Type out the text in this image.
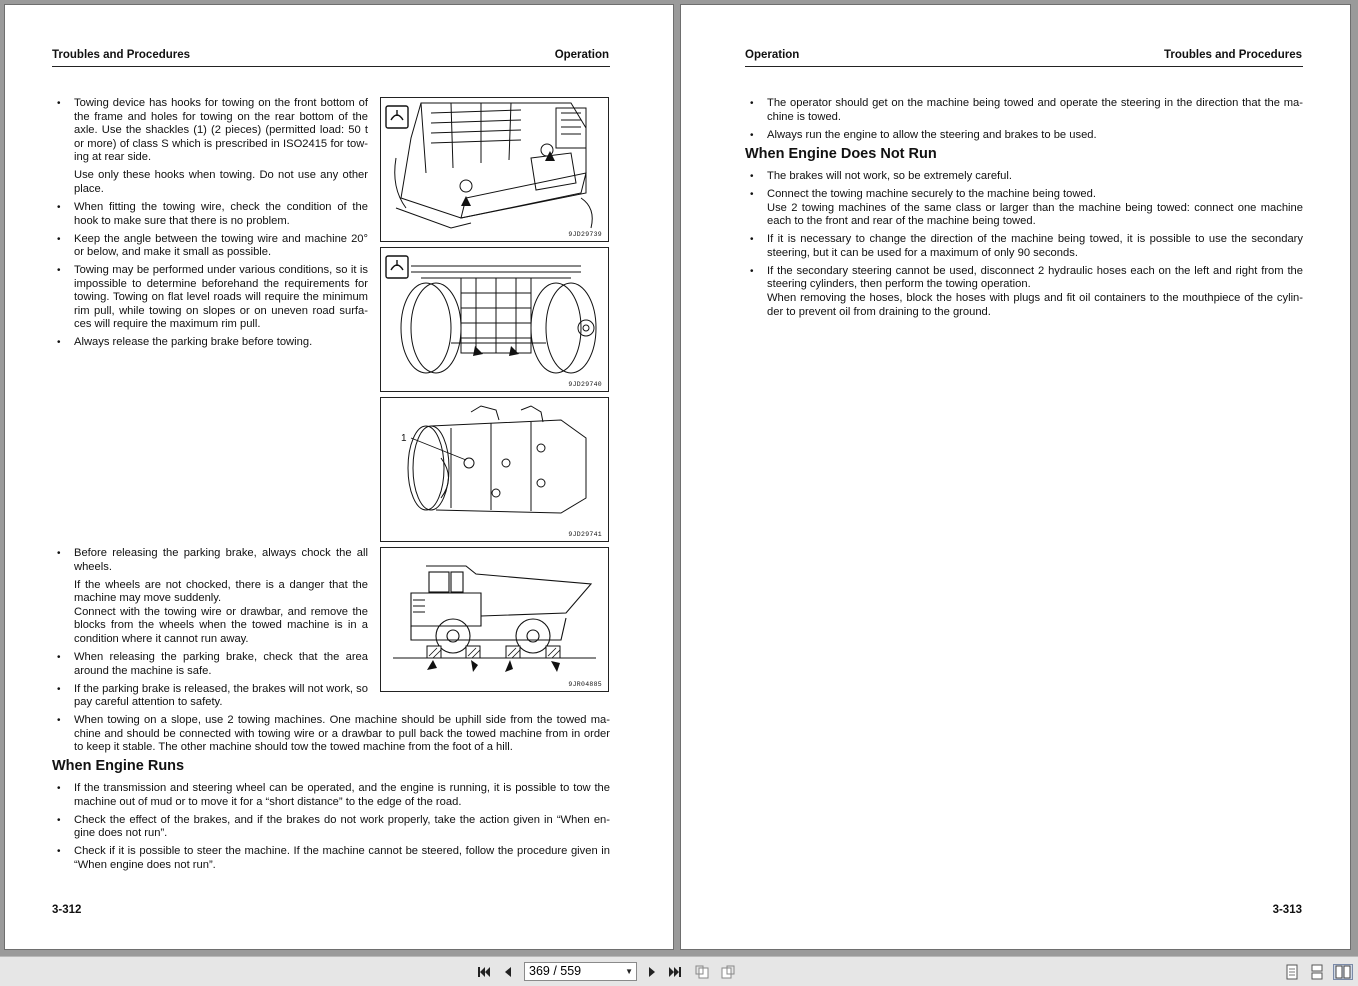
Troubles and Procedures	Operation

• Towing device has hooks for towing on the front bottom of the frame and holes for towing on the rear bottom of the axle. Use the shackles (1) (2 pieces) (permitted load: 50 t or more) of class S which is prescribed in ISO2415 for tow-ing at rear side.

Use only these hooks when towing. Do not use any other place.

• When fitting the towing wire, check the condition of the hook to make sure that there is no problem.

• Keep the angle between the towing wire and machine 20° or below, and make it small as possible.

• Towing may be performed under various conditions, so it is impossible to determine beforehand the requirements for towing. Towing on flat level roads will require the minimum rim pull, while towing on slopes or on uneven road surfa-ces will require the maximum rim pull.

• Always release the parking brake before towing.

• Before releasing the parking brake, always chock the all wheels.

If the wheels are not chocked, there is a danger that the machine may move suddenly.

Connect with the towing wire or drawbar, and remove the blocks from the wheels when the towed machine is in a condition where it cannot run away.

• When releasing the parking brake, check that the area around the machine is safe.

• If the parking brake is released, the brakes will not work, so pay careful attention to safety.

• When towing on a slope, use 2 towing machines. One machine should be uphill side from the towed ma-chine and should be connected with towing wire or a drawbar to pull back the towed machine from in order to keep it stable. The other machine should tow the towed machine from the foot of a hill.

When Engine Runs

• If the transmission and steering wheel can be operated, and the engine is running, it is possible to tow the machine out of mud or to move it for a “short distance” to the edge of the road.

• Check the effect of the brakes, and if the brakes do not work properly, take the action given in “When en-gine does not run”.

• Check if it is possible to steer the machine. If the machine cannot be steered, follow the procedure given in “When engine does not run”.

9JD29739
9JD29740
1
9JD29741
9JR04885
3-312
Operation	Troubles and Procedures

• The operator should get on the machine being towed and operate the steering in the direction that the ma-chine is towed.

• Always run the engine to allow the steering and brakes to be used.

When Engine Does Not Run

• The brakes will not work, so be extremely careful.

• Connect the towing machine securely to the machine being towed.

Use 2 towing machines of the same class or larger than the machine being towed: connect one machine each to the front and rear of the machine being towed.

• If it is necessary to change the direction of the machine being towed, it is possible to use the secondary steering, but it can be used for a maximum of only 90 seconds.

• If the secondary steering cannot be used, disconnect 2 hydraulic hoses each on the left and right from the steering cylinders, then perform the towing operation.

When removing the hoses, block the hoses with plugs and fit oil containers to the mouthpiece of the cylin-der to prevent oil from draining to the ground.

3-313
369 / 559	▼
